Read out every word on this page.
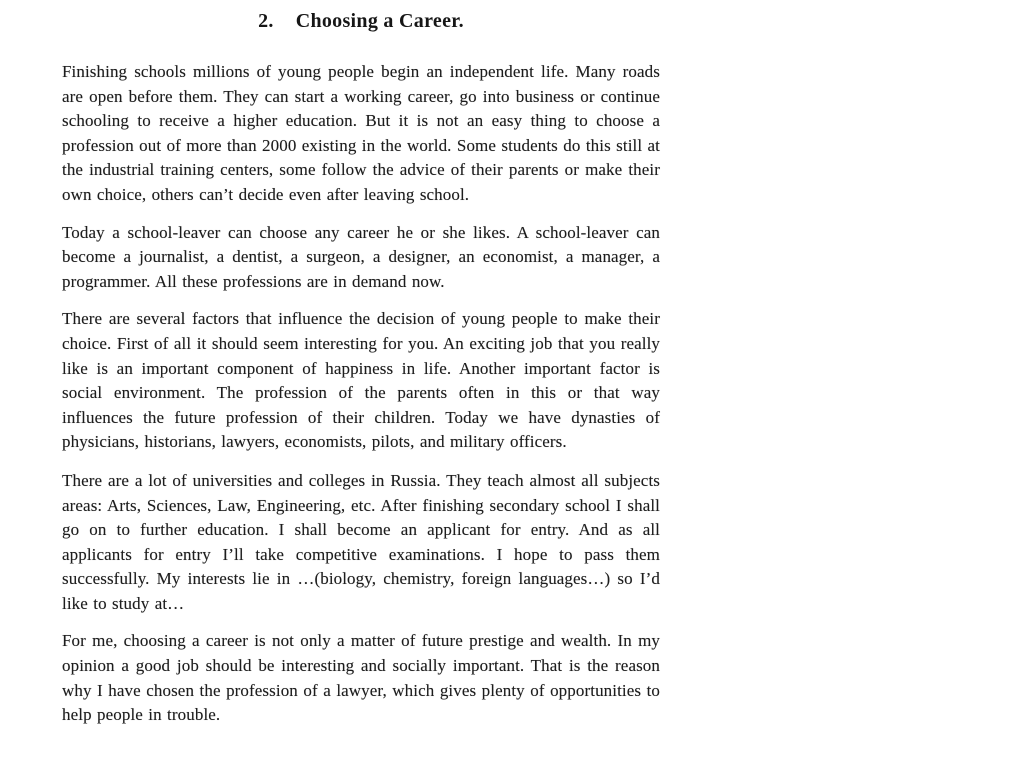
2. Choosing a Career.

Finishing schools millions of young people begin an independent life. Many roads are open before them. They can start a working career, go into business or continue schooling to receive a higher education. But it is not an easy thing to choose a profession out of more than 2000 existing in the world. Some students do this still at the industrial training centers, some follow the advice of their parents or make their own choice, others can’t decide even after leaving school.

Today a school-leaver can choose any career he or she likes. A school-leaver can become a journalist, a dentist, a surgeon, a designer, an economist, a manager, a programmer. All these professions are in demand now.

There are several factors that influence the decision of young people to make their choice. First of all it should seem interesting for you. An exciting job that you really like is an important component of happiness in life. Another important factor is social environment. The profession of the parents often in this or that way influences the future profession of their children. Today we have dynasties of physicians, historians, lawyers, economists, pilots, and military officers.

There are a lot of universities and colleges in Russia. They teach almost all subjects areas: Arts, Sciences, Law, Engineering, etc. After finishing secondary school I shall go on to further education. I shall become an applicant for entry. And as all applicants for entry I’ll take competitive examinations. I hope to pass them successfully. My interests lie in …(biology, chemistry, foreign languages…) so I’d like to study at…

For me, choosing a career is not only a matter of future prestige and wealth. In my opinion a good job should be interesting and socially important. That is the reason why I have chosen the profession of a lawyer, which gives plenty of opportunities to help people in trouble.
